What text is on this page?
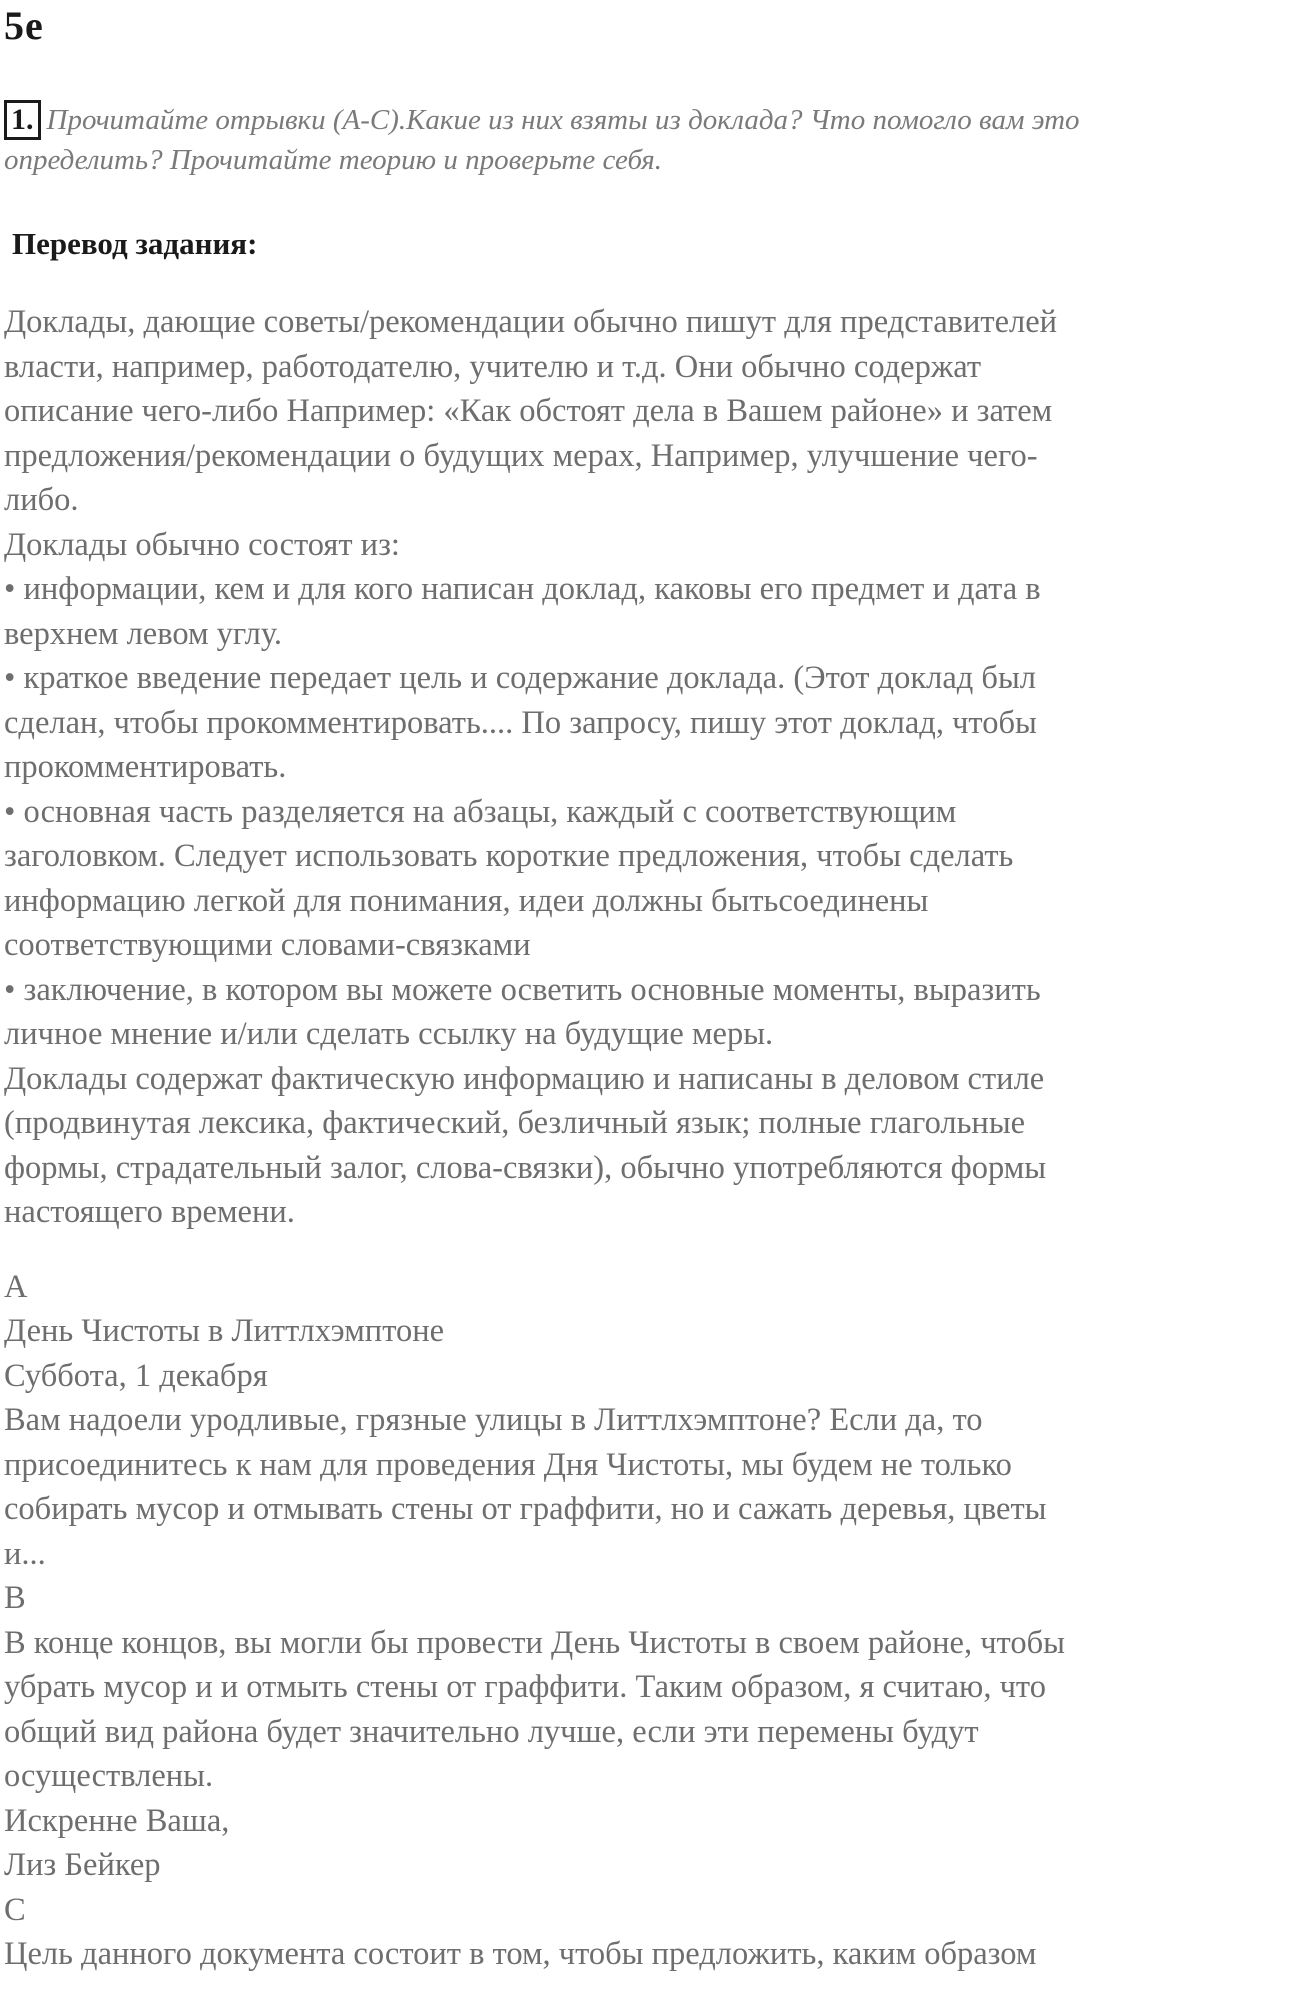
5e
1. Прочитайте отрывки (А-С).Какие из них взяты из доклада? Что помогло вам это
определить? Прочитайте теорию и проверьте себя.
Перевод задания:
Доклады, дающие советы/рекомендации обычно пишут для представителей
власти, например, работодателю, учителю и т.д. Они обычно содержат
описание чего-либо Например: «Как обстоят дела в Вашем районе» и затем
предложения/рекомендации о будущих мерах, Например, улучшение чего-
либо.
Доклады обычно состоят из:
• информации, кем и для кого написан доклад, каковы его предмет и дата в
верхнем левом углу.
• краткое введение передает цель и содержание доклада. (Этот доклад был
сделан, чтобы прокомментировать.... По запросу, пишу этот доклад, чтобы
прокомментировать.
• основная часть разделяется на абзацы, каждый с соответствующим
заголовком. Следует использовать короткие предложения, чтобы сделать
информацию легкой для понимания, идеи должны бытьсоединены
соответствующими словами-связками
• заключение, в котором вы можете осветить основные моменты, выразить
личное мнение и/или сделать ссылку на будущие меры.
Доклады содержат фактическую информацию и написаны в деловом стиле
(продвинутая лексика, фактический, безличный язык; полные глагольные
формы, страдательный залог, слова-связки), обычно употребляются формы
настоящего времени.
А
День Чистоты в Литтлхэмптоне
Суббота, 1 декабря
Вам надоели уродливые, грязные улицы в Литтлхэмптоне? Если да, то
присоединитесь к нам для проведения Дня Чистоты, мы будем не только
собирать мусор и отмывать стены от граффити, но и сажать деревья, цветы
и...
В
В конце концов, вы могли бы провести День Чистоты в своем районе, чтобы
убрать мусор и и отмыть стены от граффити. Таким образом, я считаю, что
общий вид района будет значительно лучше, если эти перемены будут
осуществлены.
Искренне Ваша,
Лиз Бейкер
С
Цель данного документа состоит в том, чтобы предложить, каким образом
